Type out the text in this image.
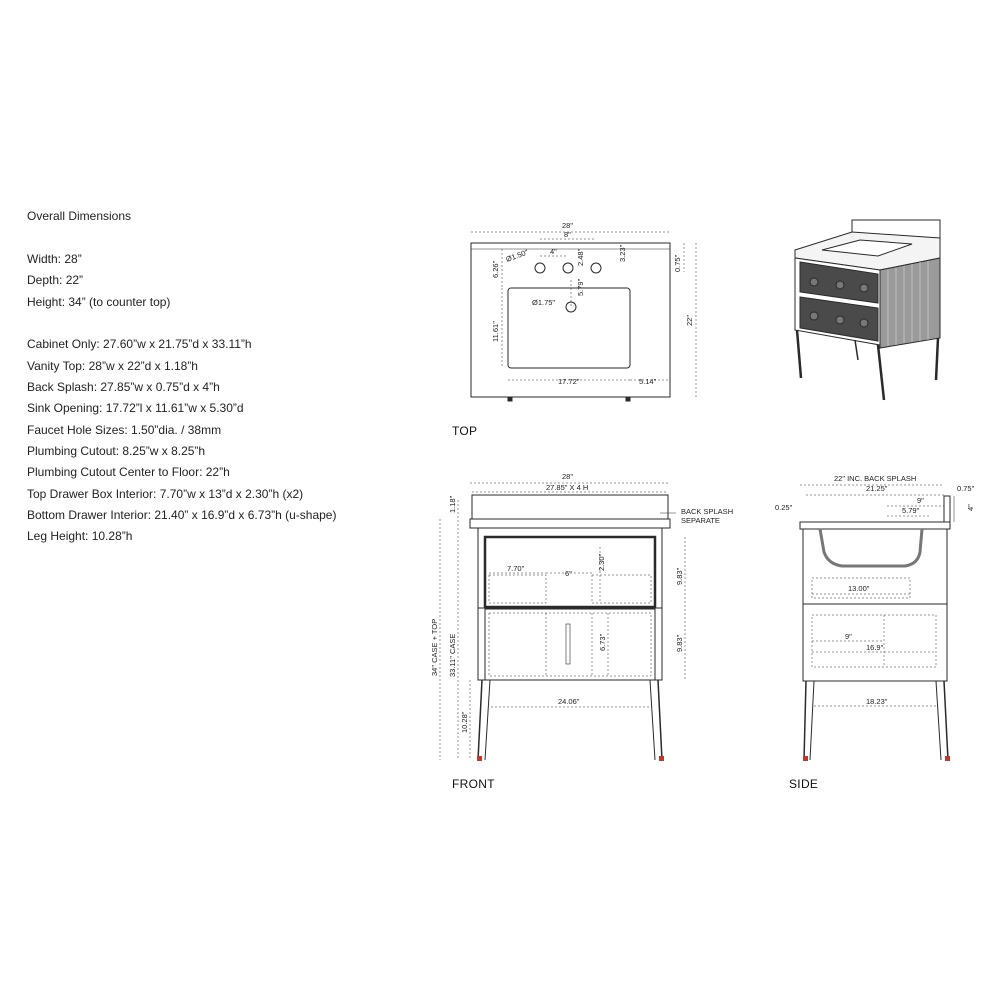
Overall Dimensions
Width: 28”
Depth: 22”
Height: 34” (to counter top)
Cabinet Only: 27.60”w x 21.75”d x 33.11”h
Vanity Top: 28”w x 22”d x 1.18”h
Back Splash: 27.85”w x 0.75”d x 4”h
Sink Opening: 17.72”l x 11.61”w x 5.30”d
Faucet Hole Sizes: 1.50”dia. / 38mm
Plumbing Cutout: 8.25”w x 8.25”h
Plumbing Cutout Center to Floor: 22”h
Top Drawer Box Interior: 7.70”w x 13”d x 2.30”h (x2)
Bottom Drawer Interior: 21.40” x 16.9”d x 6.73”h (u-shape)
Leg Height: 10.28”h
28"
8"
4"
Ø1.50"
6.26"
2.48"	3.23"
0.75"
Ø1.75"
5.79"
11.61"
22"
17.72"	5.14"
TOP
28"
27.85" X 4 H
BACK SPLASH
SEPARATE
1.18"
7.70"
6"
2.30"
9.83"
9.83"
6.73"
34" CASE + TOP 33.11" CASE
24.06"
10.28"
FRONT
22" INC. BACK SPLASH
21.25"	0.75"
0.25"
9"
5.79"	4"
13.00"
9"
16.9"
18.23"
SIDE
